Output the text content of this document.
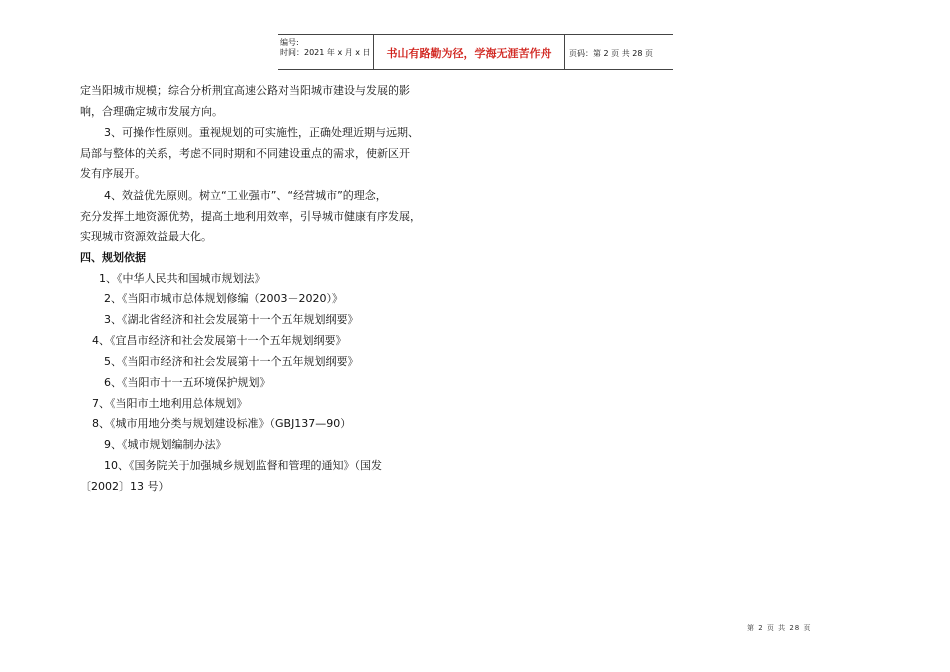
编号:
时间：2021 年 x 月 x 日	书山有路勤为径，学海无涯苦作舟	页码：第 2 页 共 28 页
定当阳城市规模；综合分析荆宜高速公路对当阳城市建设与发展的影
响，合理确定城市发展方向。
3、可操作性原则。重视规划的可实施性，正确处理近期与远期、
局部与整体的关系，考虑不同时期和不同建设重点的需求，使新区开
发有序展开。
4、效益优先原则。树立“工业强市”、“经营城市”的理念，
充分发挥土地资源优势，提高土地利用效率，引导城市健康有序发展，
实现城市资源效益最大化。
四、规划依据
1、《中华人民共和国城市规划法》
2、《当阳市城市总体规划修编（2003－2020）》
3、《湖北省经济和社会发展第十一个五年规划纲要》
4、《宜昌市经济和社会发展第十一个五年规划纲要》
5、《当阳市经济和社会发展第十一个五年规划纲要》
6、《当阳市十一五环境保护规划》
7、《当阳市土地利用总体规划》
8、《城市用地分类与规划建设标准》（GBJ137—90）
9、《城市规划编制办法》
10、《国务院关于加强城乡规划监督和管理的通知》（国发
〔2002〕13 号）
第 2 页 共 28 页
